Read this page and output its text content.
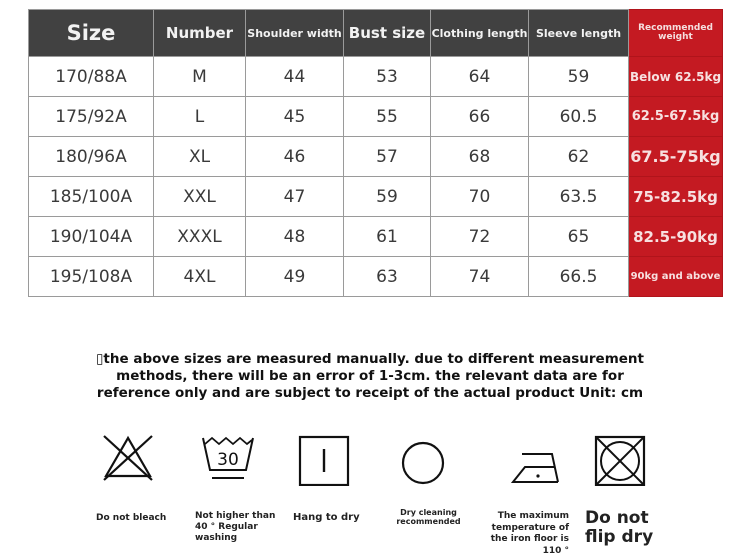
Size	Number	Shoulder width	Bust size	Clothing length	Sleeve length	Recommended weight
170/88A	M	44	53	64	59	Below 62.5kg
175/92A	L	45	55	66	60.5	62.5-67.5kg
180/96A	XL	46	57	68	62	67.5-75kg
185/100A	XXL	47	59	70	63.5	75-82.5kg
190/104A	XXXL	48	61	72	65	82.5-90kg
195/108A	4XL	49	63	74	66.5	90kg and above
▯the above sizes are measured manually. due to different measurement methods, there will be an error of 1-3cm. the relevant data are for reference only and are subject to receipt of the actual product Unit: cm
Do not bleach
30
Not higher than 40 ° Regular washing
Hang to dry	Dry cleaning recommended
The maximum temperature of the iron floor is 110 °
Do not flip dry
